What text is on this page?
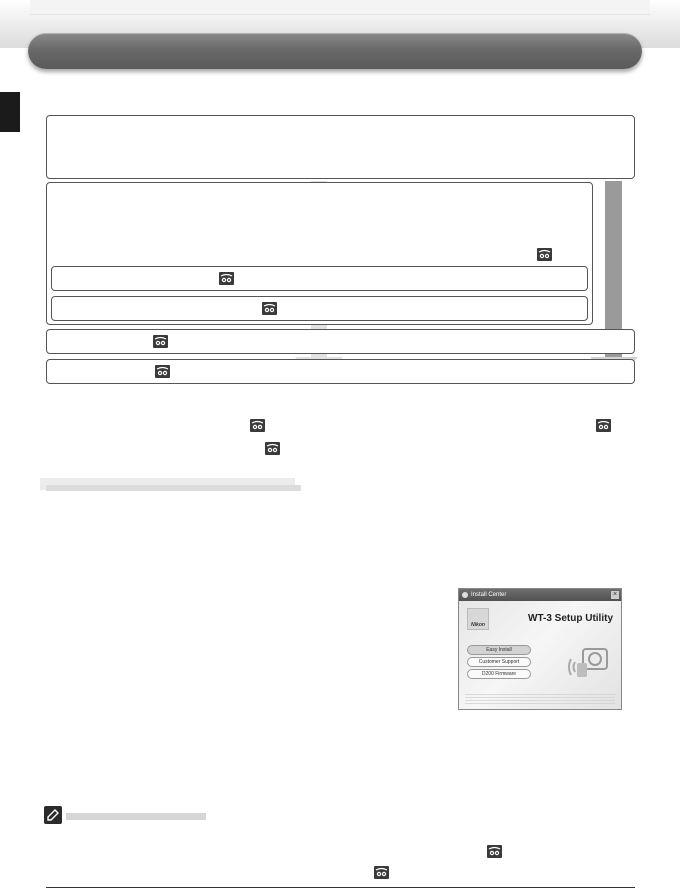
Install Center	×
Nikon
WT-3 Setup Utility
Easy Install
Customer Support
D200 Firmware
